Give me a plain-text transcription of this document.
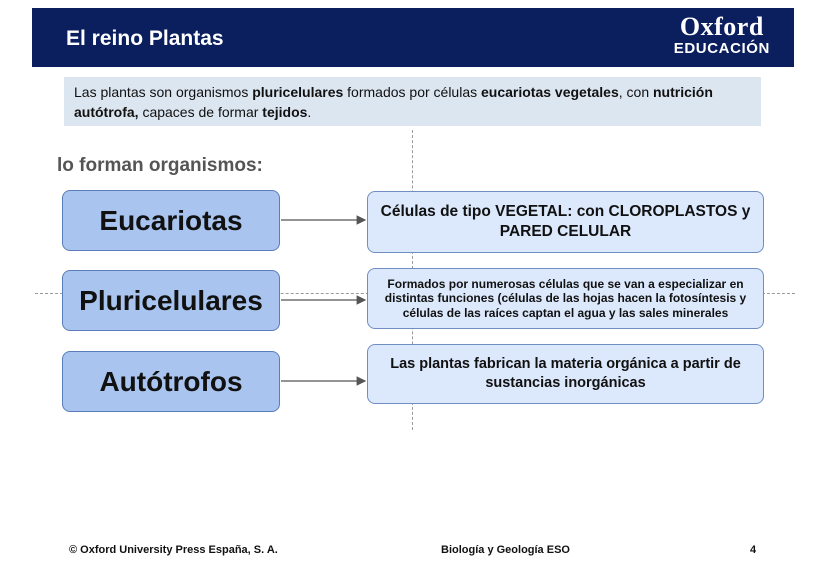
El reino Plantas	Oxford
EDUCACIÓN
Las plantas son organismos pluricelulares formados por células eucariotas vegetales, con nutrición autótrofa, capaces de formar tejidos.
lo forman organismos:
Eucariotas
Pluricelulares
Autótrofos
Células de tipo VEGETAL: con CLOROPLASTOS y PARED CELULAR
Formados por numerosas células que se van a especializar en distintas funciones (células de las hojas hacen la fotosíntesis y células de las raíces captan el agua y las sales minerales
Las plantas fabrican la materia orgánica a partir de sustancias inorgánicas
© Oxford University Press España, S. A.	Biología y Geología ESO	4
